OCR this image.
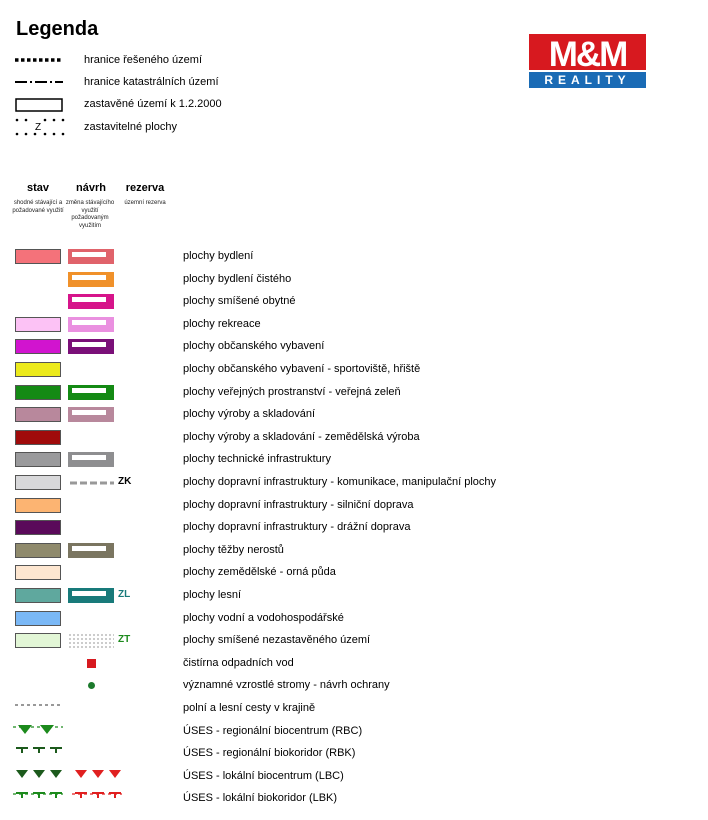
Legenda
hranice řešeného území
hranice katastrálních území
zastavěné území k 1.2.2000
Z	zastavitelné plochy
M&M
REALITY
stav
shodné stávající a požadované využití
návrh
změna stávajícího využití požadovaným využitím
rezerva
územní rezerva
plochy bydlení
plochy bydlení čistého
plochy smíšené obytné
plochy rekreace
plochy občanského vybavení
plochy občanského vybavení - sportoviště, hřiště
plochy veřejných prostranství - veřejná zeleň
plochy výroby a skladování
plochy výroby a skladování - zemědělská výroba
plochy technické infrastruktury
ZK	plochy dopravní infrastruktury - komunikace, manipulační plochy
plochy dopravní infrastruktury - silniční doprava
plochy dopravní infrastruktury - drážní doprava
plochy těžby nerostů
plochy zemědělské - orná půda
ZL	plochy lesní
plochy vodní a vodohospodářské
ZT	plochy smíšené nezastavěného území
čistírna odpadních vod
významné vzrostlé stromy - návrh ochrany
polní a lesní cesty v krajině
ÚSES - regionální biocentrum (RBC)
ÚSES - regionální biokoridor (RBK)
ÚSES - lokální biocentrum (LBC)
ÚSES - lokální biokoridor (LBK)
